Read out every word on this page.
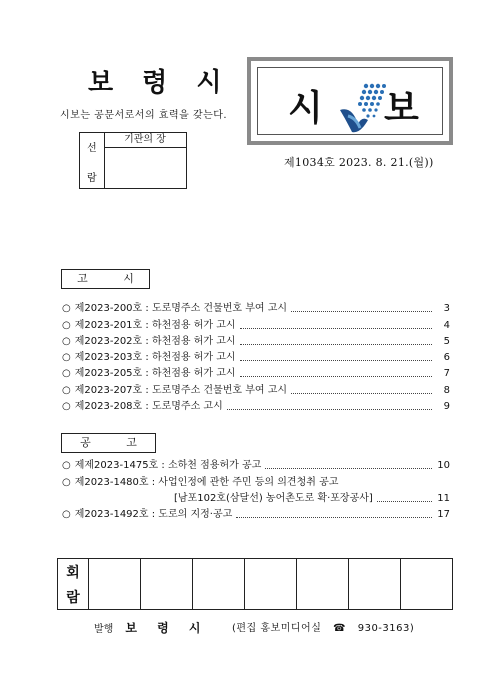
보 령 시
시보는 공문서로서의 효력을 갖는다.
선
람
기관의 장
시 보
제1034호 2023. 8. 21.(월))
고 시
○ 제2023-200호 : 도로명주소 건물번호 부여 고시	3
○ 제2023-201호 : 하천점용 허가 고시	4
○ 제2023-202호 : 하천점용 허가 고시	5
○ 제2023-203호 : 하천점용 허가 고시	6
○ 제2023-205호 : 하천점용 허가 고시	7
○ 제2023-207호 : 도로명주소 건물번호 부여 고시	8
○ 제2023-208호 : 도로명주소 고시	9
공 고
○ 제제2023-1475호 : 소하천 점용허가 공고	10
○ 제2023-1480호 : 사업인정에 관한 주민 등의 의견청취 공고
[남포102호(삼달선) 농어촌도로 확·포장공사]	11
○ 제2023-1492호 : 도로의 지정·공고	17
회
람
발행 보 령 시 (편집 홍보미디어실 ☎ 930-3163)
